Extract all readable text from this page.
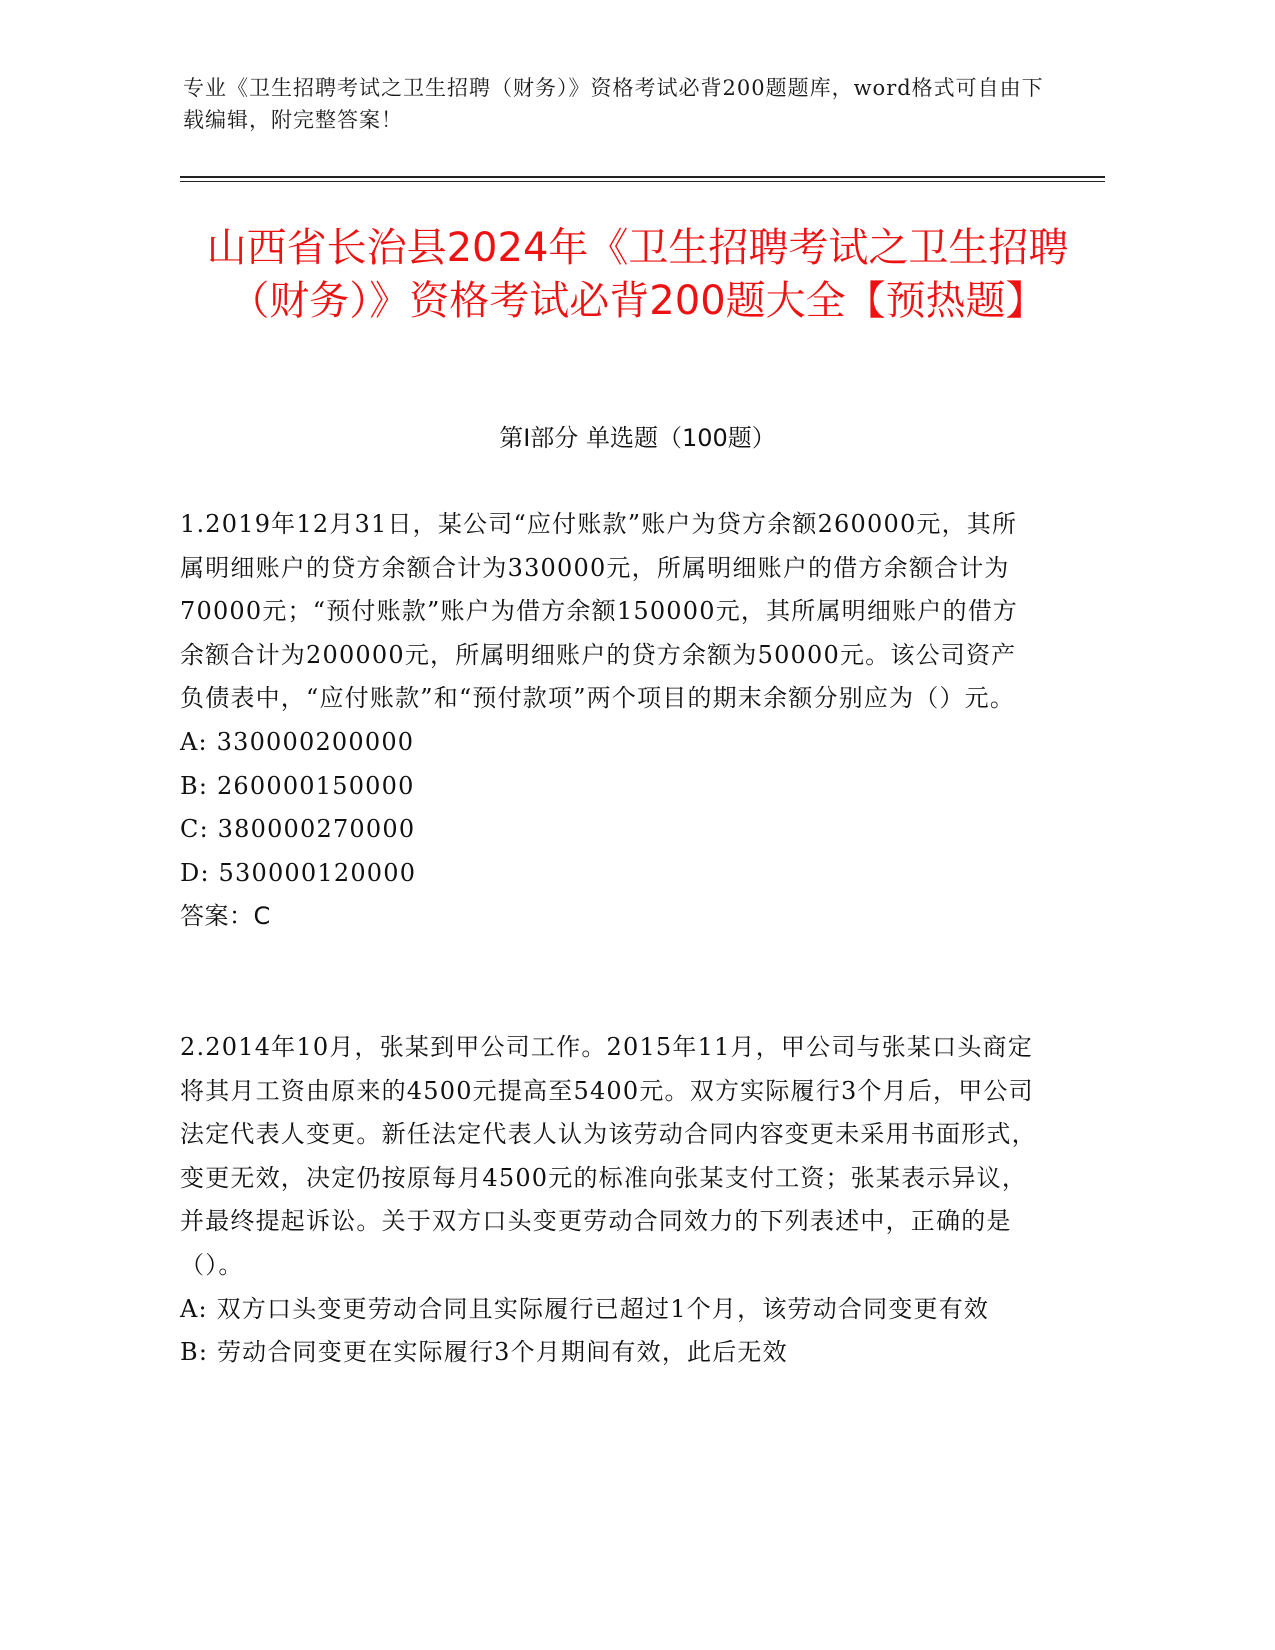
专业《卫生招聘考试之卫生招聘（财务）》资格考试必背200题题库，word格式可自由下载编辑，附完整答案！
山西省长治县2024年《卫生招聘考试之卫生招聘（财务）》资格考试必背200题大全【预热题】
第Ⅰ部分 单选题（100题）

1.2019年12月31日，某公司“应付账款”账户为贷方余额260000元，其所属明细账户的贷方余额合计为330000元，所属明细账户的借方余额合计为70000元；“预付账款”账户为借方余额150000元，其所属明细账户的借方余额合计为200000元，所属明细账户的贷方余额为50000元。该公司资产负债表中，“应付账款”和“预付款项”两个项目的期末余额分别应为（）元。

A: 330000200000

B: 260000150000

C: 380000270000

D: 530000120000

答案：C

2.2014年10月，张某到甲公司工作。2015年11月，甲公司与张某口头商定将其月工资由原来的4500元提高至5400元。双方实际履行3个月后，甲公司法定代表人变更。新任法定代表人认为该劳动合同内容变更未采用书面形式，变更无效，决定仍按原每月4500元的标准向张某支付工资；张某表示异议，并最终提起诉讼。关于双方口头变更劳动合同效力的下列表述中，正确的是（）。

A: 双方口头变更劳动合同且实际履行已超过1个月，该劳动合同变更有效

B: 劳动合同变更在实际履行3个月期间有效，此后无效
